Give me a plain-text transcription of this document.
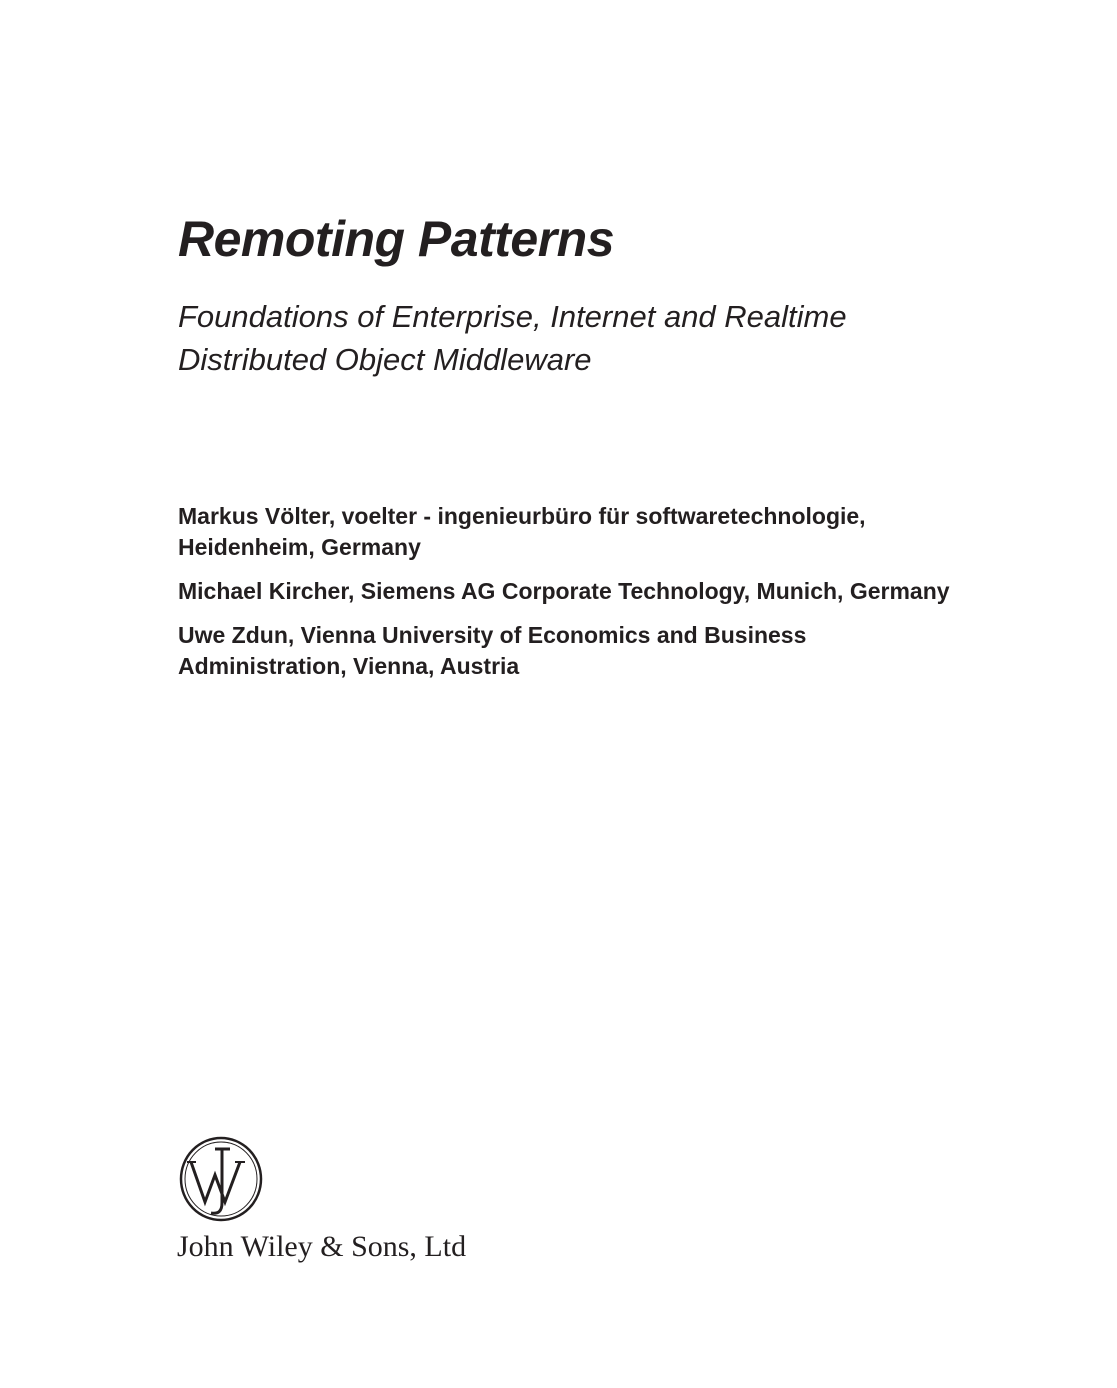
Remoting Patterns
Foundations of Enterprise, Internet and Realtime
Distributed Object Middleware

Markus Völter, voelter - ingenieurbüro für softwaretechnologie,
Heidenheim, Germany

Michael Kircher, Siemens AG Corporate Technology, Munich, Germany

Uwe Zdun, Vienna University of Economics and Business
Administration, Vienna, Austria

John Wiley & Sons, Ltd
